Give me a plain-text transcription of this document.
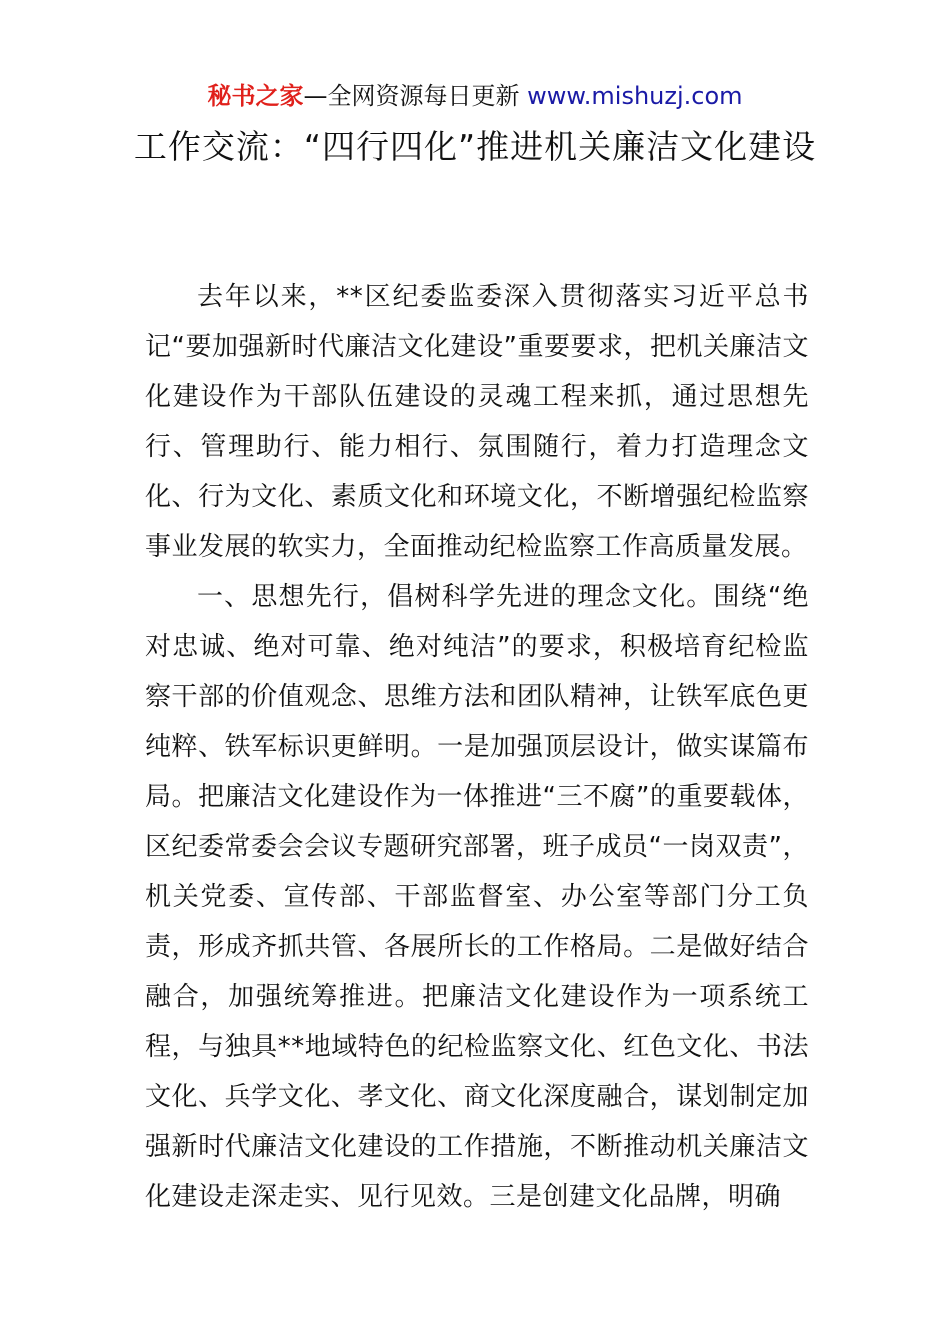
秘书之家—全网资源每日更新 www.mishuzj.com
工作交流：“四行四化”推进机关廉洁文化建设

去年以来，**区纪委监委深入贯彻落实习近平总书记“要加强新时代廉洁文化建设”重要要求，把机关廉洁文化建设作为干部队伍建设的灵魂工程来抓，通过思想先行、管理助行、能力相行、氛围随行，着力打造理念文化、行为文化、素质文化和环境文化，不断增强纪检监察事业发展的软实力，全面推动纪检监察工作高质量发展。

一、思想先行，倡树科学先进的理念文化。围绕“绝对忠诚、绝对可靠、绝对纯洁”的要求，积极培育纪检监察干部的价值观念、思维方法和团队精神，让铁军底色更纯粹、铁军标识更鲜明。一是加强顶层设计，做实谋篇布局。把廉洁文化建设作为一体推进“三不腐”的重要载体，区纪委常委会会议专题研究部署，班子成员“一岗双责”，机关党委、宣传部、干部监督室、办公室等部门分工负责，形成齐抓共管、各展所长的工作格局。二是做好结合融合，加强统筹推进。把廉洁文化建设作为一项系统工程，与独具**地域特色的纪检监察文化、红色文化、书法文化、兵学文化、孝文化、商文化深度融合，谋划制定加强新时代廉洁文化建设的工作措施，不断推动机关廉洁文化建设走深走实、见行见效。三是创建文化品牌，明确
